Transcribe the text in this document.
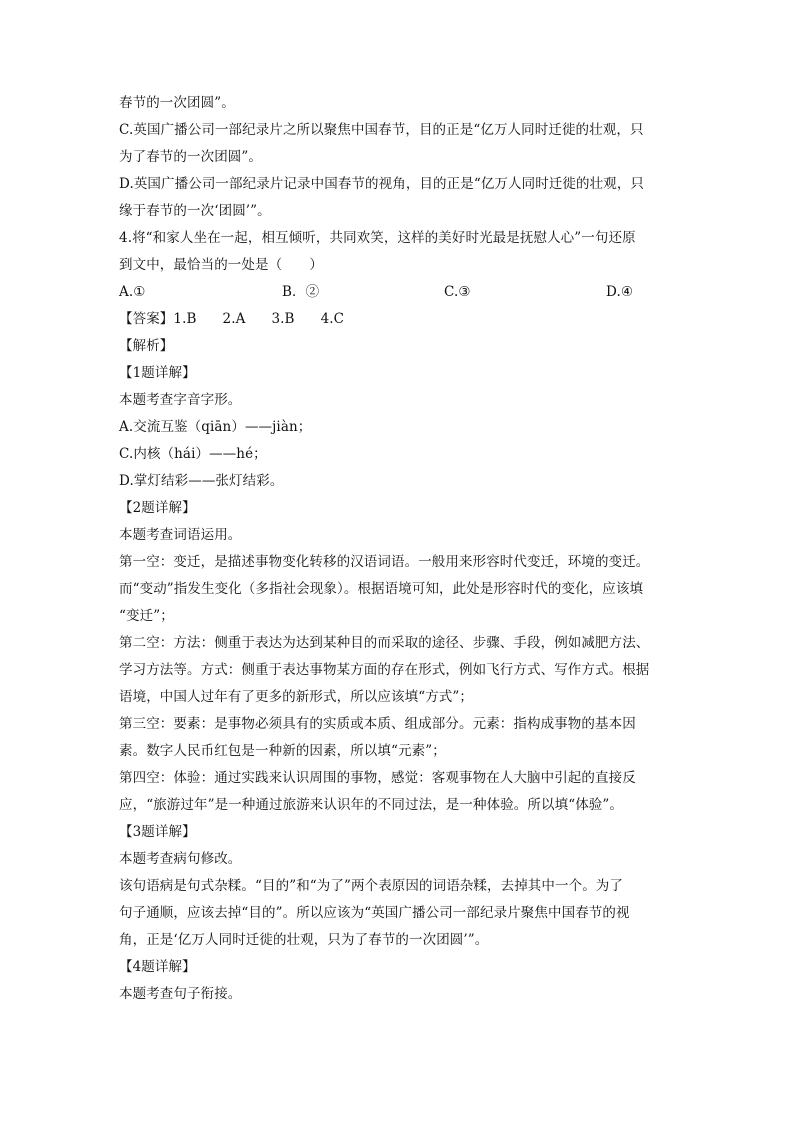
春节的一次团圆”。
C.英国广播公司一部纪录片之所以聚焦中国春节，目的正是“亿万人同时迁徙的壮观，只
为了春节的一次团圆”。
D.英国广播公司一部纪录片记录中国春节的视角，目的正是“亿万人同时迁徙的壮观，只
缘于春节的一次‘团圆’”。
4.将“和家人坐在一起，相互倾听，共同欢笑，这样的美好时光最是抚慰人心”一句还原
到文中，最恰当的一处是（　　）
A.①	B．②	C.③	D.④
【答案】1.B 2.A 3.B 4.C
【解析】
【1题详解】
本题考查字音字形。
A.交流互鉴（qiān）——jiàn；
C.内核（hái）——hé；
D.掌灯结彩——张灯结彩。
【2题详解】
本题考查词语运用。
第一空：变迁，是描述事物变化转移的汉语词语。一般用来形容时代变迁，环境的变迁。
而“变动”指发生变化（多指社会现象）。根据语境可知，此处是形容时代的变化，应该填
“变迁”；
第二空：方法：侧重于表达为达到某种目的而采取的途径、步骤、手段，例如减肥方法、
学习方法等。方式：侧重于表达事物某方面的存在形式，例如飞行方式、写作方式。根据
语境，中国人过年有了更多的新形式，所以应该填“方式”；
第三空：要素：是事物必须具有的实质或本质、组成部分。元素：指构成事物的基本因
素。数字人民币红包是一种新的因素，所以填“元素”；
第四空：体验：通过实践来认识周围的事物，感觉：客观事物在人大脑中引起的直接反
应，“旅游过年”是一种通过旅游来认识年的不同过法，是一种体验。所以填“体验”。
【3题详解】
本题考查病句修改。
该句语病是句式杂糅。“目的”和“为了”两个表原因的词语杂糅，去掉其中一个。为了
句子通顺，应该去掉“目的”。所以应该为“英国广播公司一部纪录片聚焦中国春节的视
角，正是‘亿万人同时迁徙的壮观，只为了春节的一次团圆’”。
【4题详解】
本题考查句子衔接。
